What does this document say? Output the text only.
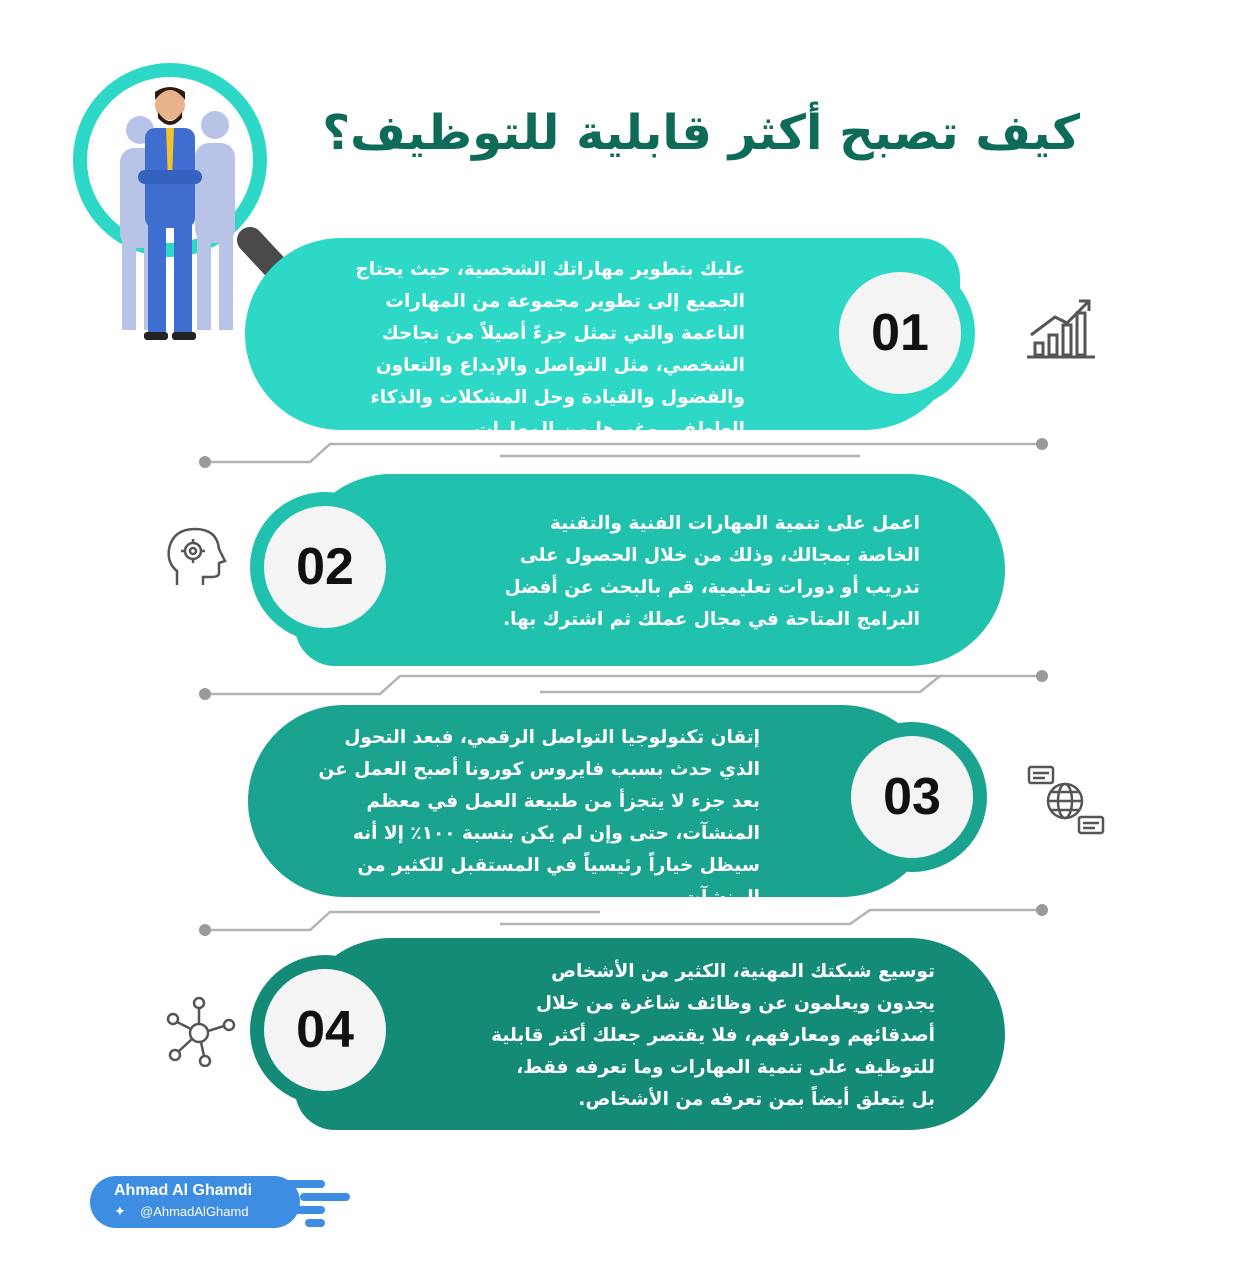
كيف تصبح أكثر قابلية للتوظيف؟

عليك بتطوير مهاراتك الشخصية، حيث يحتاج الجميع إلى تطوير مجموعة من المهارات الناعمة والتي تمثل جزءً أصيلاً من نجاحك الشخصي، مثل التواصل والإبداع والتعاون والفضول والقيادة وحل المشكلات والذكاء العاطفي وغيرها من المهارات.

01

اعمل على تنمية المهارات الفنية والتقنية الخاصة بمجالك، وذلك من خلال الحصول على تدريب أو دورات تعليمية، قم بالبحث عن أفضل البرامج المتاحة في مجال عملك ثم اشترك بها.

02

إتقان تكنولوجيا التواصل الرقمي، فبعد التحول الذي حدث بسبب فايروس كورونا أصبح العمل عن بعد جزء لا يتجزأ من طبيعة العمل في معظم المنشآت، حتى وإن لم يكن بنسبة ١٠٠٪ إلا أنه سيظل خياراً رئيسياً في المستقبل للكثير من المنشآت.

03

توسيع شبكتك المهنية، الكثير من الأشخاص يجدون ويعلمون عن وظائف شاغرة من خلال أصدقائهم ومعارفهم، فلا يقتصر جعلك أكثر قابلية للتوظيف على تنمية المهارات وما تعرفه فقط، بل يتعلق أيضاً بمن تعرفه من الأشخاص.

04
Ahmad Al Ghamdi
✦ @AhmadAlGhamd
